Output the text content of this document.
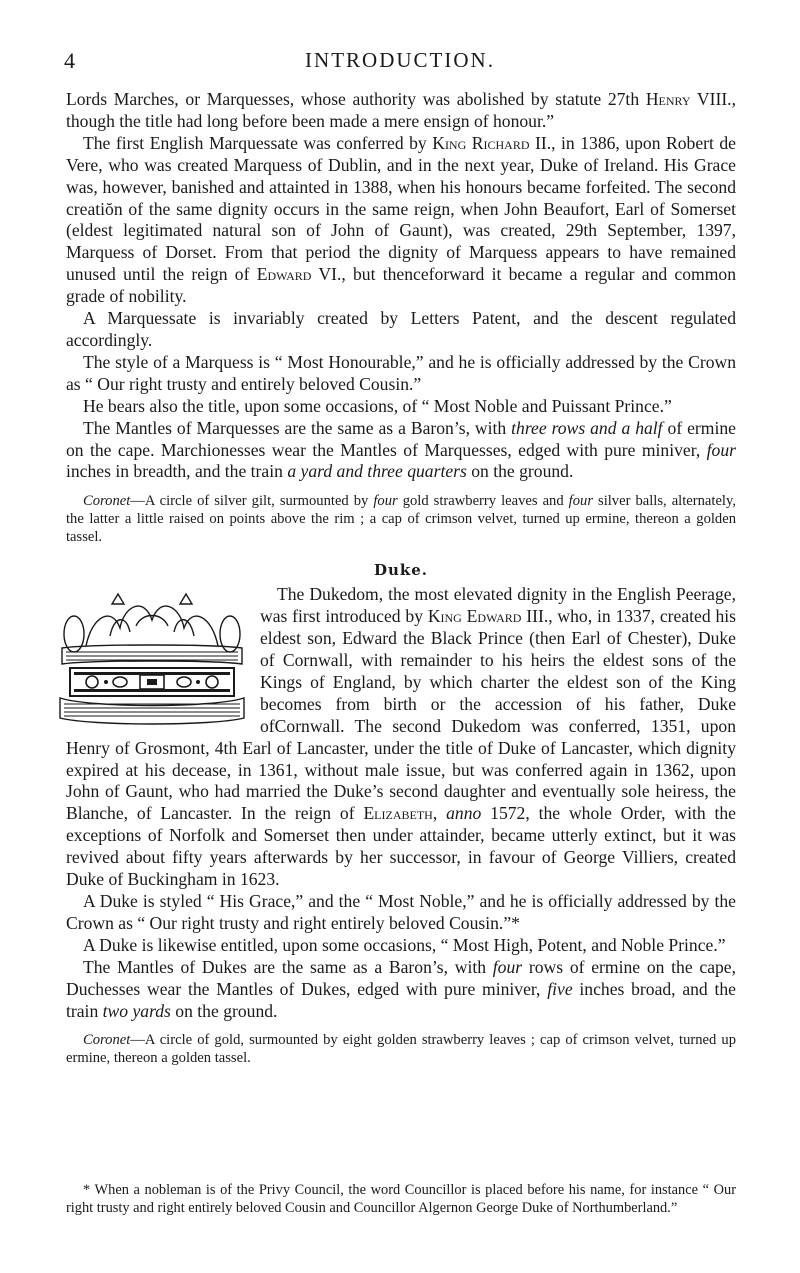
4	INTRODUCTION.

Lords Marches, or Marquesses, whose authority was abolished by statute 27th Henry VIII., though the title had long before been made a mere ensign of honour.”

The first English Marquessate was conferred by King Richard II., in 1386, upon Robert de Vere, who was created Marquess of Dublin, and in the next year, Duke of Ireland. His Grace was, however, banished and attainted in 1388, when his honours became forfeited. The second creatiŏn of the same dignity occurs in the same reign, when John Beaufort, Earl of Somerset (eldest legitimated natural son of John of Gaunt), was created, 29th September, 1397, Marquess of Dorset. From that period the dignity of Marquess appears to have remained unused until the reign of Edward VI., but thenceforward it became a regular and common grade of nobility.

A Marquessate is invariably created by Letters Patent, and the descent regulated accordingly.

The style of a Marquess is “ Most Honourable,” and he is officially addressed by the Crown as “ Our right trusty and entirely beloved Cousin.”

He bears also the title, upon some occasions, of “ Most Noble and Puissant Prince.”

The Mantles of Marquesses are the same as a Baron’s, with three rows and a half of ermine on the cape. Marchionesses wear the Mantles of Marquesses, edged with pure miniver, four inches in breadth, and the train a yard and three quarters on the ground.

Coronet—A circle of silver gilt, surmounted by four gold strawberry leaves and four silver balls, alternately, the latter a little raised on points above the rim ; a cap of crimson velvet, turned up ermine, thereon a golden tassel.

Duke.

The Dukedom, the most elevated dignity in the English Peerage, was first introduced by King Edward III., who, in 1337, created his eldest son, Edward the Black Prince (then Earl of Chester), Duke of Cornwall, with remainder to his heirs the eldest sons of the Kings of England, by which charter the eldest son of the King becomes from birth or the accession of his father, Duke ofCornwall. The second Dukedom was conferred, 1351, upon Henry of Grosmont, 4th Earl of Lancaster, under the title of Duke of Lancaster, which dignity expired at his decease, in 1361, without male issue, but was conferred again in 1362, upon John of Gaunt, who had married the Duke’s second daughter and eventually sole heiress, the Blanche, of Lancaster. In the reign of Elizabeth, anno 1572, the whole Order, with the exceptions of Norfolk and Somerset then under attainder, became utterly extinct, but it was revived about fifty years afterwards by her successor, in favour of George Villiers, created Duke of Buckingham in 1623.

A Duke is styled “ His Grace,” and the “ Most Noble,” and he is officially addressed by the Crown as “ Our right trusty and right entirely beloved Cousin.”*

A Duke is likewise entitled, upon some occasions, “ Most High, Potent, and Noble Prince.”

The Mantles of Dukes are the same as a Baron’s, with four rows of ermine on the cape, Duchesses wear the Mantles of Dukes, edged with pure miniver, five inches broad, and the train two yards on the ground.

Coronet—A circle of gold, surmounted by eight golden strawberry leaves ; cap of crimson velvet, turned up ermine, thereon a golden tassel.

* When a nobleman is of the Privy Council, the word Councillor is placed before his name, for instance “ Our right trusty and right entirely beloved Cousin and Councillor Algernon George Duke of Northumberland.”
